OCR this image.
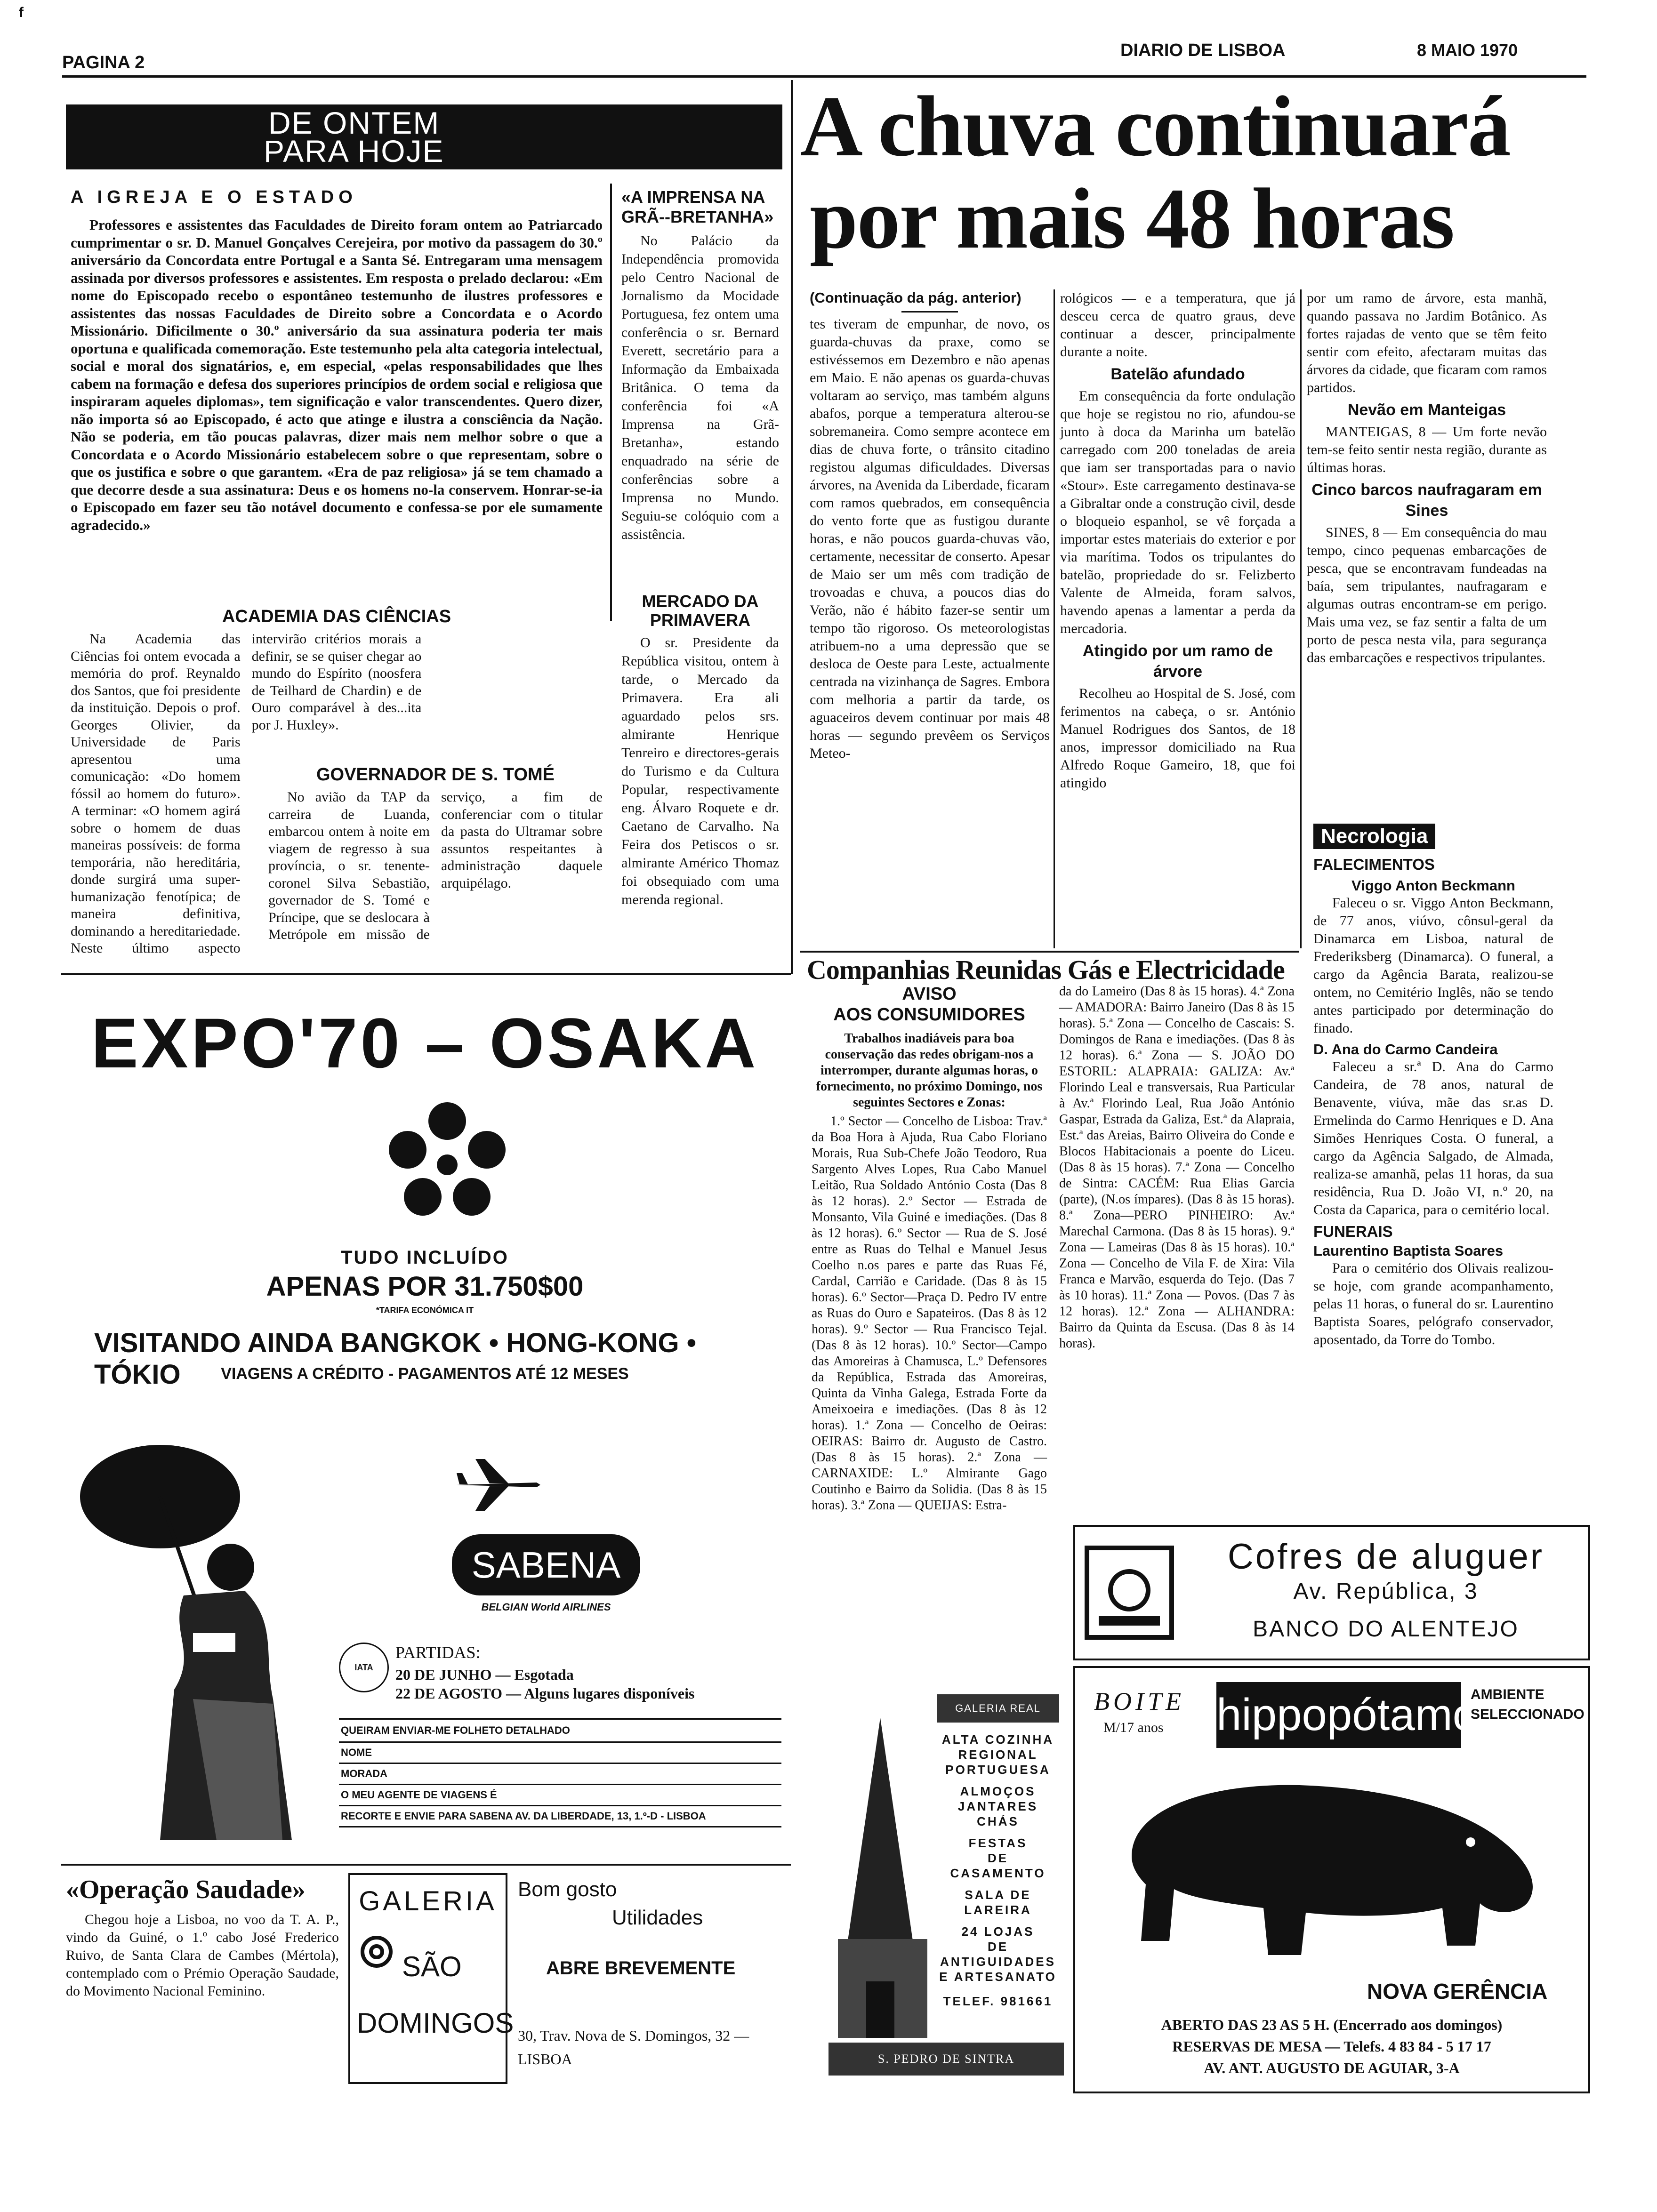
f
PAGINA 2
DIARIO DE LISBOA	8 MAIO 1970
DE ONTEM
PARA HOJE
A IGREJA E O ESTADO

Professores e assistentes das Faculdades de Direito foram ontem ao Patriarcado cumprimentar o sr. D. Manuel Gonçalves Cerejeira, por motivo da passagem do 30.º aniversário da Concordata entre Portugal e a Santa Sé. Entregaram uma mensagem assinada por diversos professores e assistentes. Em resposta o prelado declarou: «Em nome do Episcopado recebo o espontâneo testemunho de ilustres professores e assistentes das nossas Faculdades de Direito sobre a Concordata e o Acordo Missionário. Dificilmente o 30.º aniversário da sua assinatura poderia ter mais oportuna e qualificada comemoração. Este testemunho pela alta categoria intelectual, social e moral dos signatários, e, em especial, «pelas responsabilidades que lhes cabem na formação e defesa dos superiores princípios de ordem social e religiosa que inspiraram aqueles diplomas», tem significação e valor transcendentes. Quero dizer, não importa só ao Episcopado, é acto que atinge e ilustra a consciência da Nação. Não se poderia, em tão poucas palavras, dizer mais nem melhor sobre o que a Concordata e o Acordo Missionário estabelecem sobre o que representam, sobre o que os justifica e sobre o que garantem. «Era de paz religiosa» já se tem chamado a que decorre desde a sua assinatura: Deus e os homens no-la conservem. Honrar-se-ia o Episcopado em fazer seu tão notável documento e confessa-se por ele sumamente agradecido.»

«A IMPRENSA NA GRÃ--BRETANHA»

No Palácio da Independência promovida pelo Centro Nacional de Jornalismo da Mocidade Portuguesa, fez ontem uma conferência o sr. Bernard Everett, secretário para a Informação da Embaixada Britânica. O tema da conferência foi «A Imprensa na Grã-Bretanha», estando enquadrado na série de conferências sobre a Imprensa no Mundo. Seguiu-se colóquio com a assistência.

ACADEMIA DAS CIÊNCIAS

Na Academia das Ciências foi ontem evocada a memória do prof. Reynaldo dos Santos, que foi presidente da instituição. Depois o prof. Georges Olivier, da Universidade de Paris apresentou uma comunicação: «Do homem fóssil ao homem do futuro». A terminar: «O homem agirá sobre o homem de duas maneiras possíveis: de forma temporária, não hereditária, donde surgirá uma super-humanização fenotípica; de maneira definitiva, dominando a hereditariedade. Neste último aspecto intervirão critérios morais a definir, se se quiser chegar ao mundo do Espírito (noosfera de Teilhard de Chardin) e de Ouro comparável à des...ita por J. Huxley».

GOVERNADOR DE S. TOMÉ

No avião da TAP da carreira de Luanda, embarcou ontem à noite em viagem de regresso à sua província, o sr. tenente-coronel Silva Sebastião, governador de S. Tomé e Príncipe, que se deslocara à Metrópole em missão de serviço, a fim de conferenciar com o titular da pasta do Ultramar sobre assuntos respeitantes à administração daquele arquipélago.

MERCADO DA PRIMAVERA

O sr. Presidente da República visitou, ontem à tarde, o Mercado da Primavera. Era ali aguardado pelos srs. almirante Henrique Tenreiro e directores-gerais do Turismo e da Cultura Popular, respectivamente eng. Álvaro Roquete e dr. Caetano de Carvalho. Na Feira dos Petiscos o sr. almirante Américo Thomaz foi obsequiado com uma merenda regional.

A chuva continuará
por mais 48 horas
(Continuação da pág. anterior)

tes tiveram de empunhar, de novo, os guarda-chuvas da praxe, como se estivéssemos em Dezembro e não apenas em Maio. E não apenas os guarda-chuvas voltaram ao serviço, mas também alguns abafos, porque a temperatura alterou-se sobremaneira. Como sempre acontece em dias de chuva forte, o trânsito citadino registou algumas dificuldades. Diversas árvores, na Avenida da Liberdade, ficaram com ramos quebrados, em consequência do vento forte que as fustigou durante horas, e não poucos guarda-chuvas vão, certamente, necessitar de conserto. Apesar de Maio ser um mês com tradição de trovoadas e chuva, a poucos dias do Verão, não é hábito fazer-se sentir um tempo tão rigoroso. Os meteorologistas atribuem-no a uma depressão que se desloca de Oeste para Leste, actualmente centrada na vizinhança de Sagres. Embora com melhoria a partir da tarde, os aguaceiros devem continuar por mais 48 horas — segundo prevêem os Serviços Meteo-

rológicos — e a temperatura, que já desceu cerca de quatro graus, deve continuar a descer, principalmente durante a noite.

Batelão afundado

Em consequência da forte ondulação que hoje se registou no rio, afundou-se junto à doca da Marinha um batelão carregado com 200 toneladas de areia que iam ser transportadas para o navio «Stour». Este carregamento destinava-se a Gibraltar onde a construção civil, desde o bloqueio espanhol, se vê forçada a importar estes materiais do exterior e por via marítima. Todos os tripulantes do batelão, propriedade do sr. Felizberto Valente de Almeida, foram salvos, havendo apenas a lamentar a perda da mercadoria.

Atingido por um ramo de árvore

Recolheu ao Hospital de S. José, com ferimentos na cabeça, o sr. António Manuel Rodrigues dos Santos, de 18 anos, impressor domiciliado na Rua Alfredo Roque Gameiro, 18, que foi atingido

por um ramo de árvore, esta manhã, quando passava no Jardim Botânico. As fortes rajadas de vento que se têm feito sentir com efeito, afectaram muitas das árvores da cidade, que ficaram com ramos partidos.

Nevão em Manteigas

MANTEIGAS, 8 — Um forte nevão tem-se feito sentir nesta região, durante as últimas horas.

Cinco barcos naufragaram em Sines

SINES, 8 — Em consequência do mau tempo, cinco pequenas embarcações de pesca, que se encontravam fundeadas na baía, sem tripulantes, naufragaram e algumas outras encontram-se em perigo. Mais uma vez, se faz sentir a falta de um porto de pesca nesta vila, para segurança das embarcações e respectivos tripulantes.

Necrologia
FALECIMENTOS
Viggo Anton Beckmann

Faleceu o sr. Viggo Anton Beckmann, de 77 anos, viúvo, cônsul-geral da Dinamarca em Lisboa, natural de Frederiksberg (Dinamarca). O funeral, a cargo da Agência Barata, realizou-se ontem, no Cemitério Inglês, não se tendo antes participado por determinação do finado.

D. Ana do Carmo Candeira

Faleceu a sr.ª D. Ana do Carmo Candeira, de 78 anos, natural de Benavente, viúva, mãe das sr.as D. Ermelinda do Carmo Henriques e D. Ana Simões Henriques Costa. O funeral, a cargo da Agência Salgado, de Almada, realiza-se amanhã, pelas 11 horas, da sua residência, Rua D. João VI, n.º 20, na Costa da Caparica, para o cemitério local.

FUNERAIS
Laurentino Baptista Soares

Para o cemitério dos Olivais realizou-se hoje, com grande acompanhamento, pelas 11 horas, o funeral do sr. Laurentino Baptista Soares, pelógrafo conservador, aposentado, da Torre do Tombo.

EXPO'70 – OSAKA
TUDO INCLUÍDO
APENAS POR 31.750$00
*TARIFA ECONÓMICA IT
VISITANDO AINDA BANGKOK • HONG-KONG • TÓKIO	VIAGENS A CRÉDITO - PAGAMENTOS ATÉ 12 MESES
SABENA
BELGIAN World AIRLINES
IATA
PARTIDAS:
20 DE JUNHO — Esgotada
22 DE AGOSTO — Alguns lugares disponíveis
QUEIRAM ENVIAR-ME FOLHETO DETALHADO
NOME
MORADA
O MEU AGENTE DE VIAGENS É
RECORTE E ENVIE PARA SABENA AV. DA LIBERDADE, 13, 1.º-D - LISBOA
«Operação Saudade»

Chegou hoje a Lisboa, no voo da T. A. P., vindo da Guiné, o 1.º cabo José Frederico Ruivo, de Santa Clara de Cambes (Mértola), contemplado com o Prémio Operação Saudade, do Movimento Nacional Feminino.

GALERIA
SÃO
DOMINGOS
Bom gosto
Utilidades
ABRE BREVEMENTE
30, Trav. Nova de S. Domingos, 32 — LISBOA
Companhias Reunidas Gás e Electricidade
AVISO
AOS CONSUMIDORES

Trabalhos inadiáveis para boa conservação das redes obrigam-nos a interromper, durante algumas horas, o fornecimento, no próximo Domingo, nos seguintes Sectores e Zonas:

1.º Sector — Concelho de Lisboa: Trav.ª da Boa Hora à Ajuda, Rua Cabo Floriano Morais, Rua Sub-Chefe João Teodoro, Rua Sargento Alves Lopes, Rua Cabo Manuel Leitão, Rua Soldado António Costa (Das 8 às 12 horas). 2.º Sector — Estrada de Monsanto, Vila Guiné e imediações. (Das 8 às 12 horas). 6.º Sector — Rua de S. José entre as Ruas do Telhal e Manuel Jesus Coelho n.os pares e parte das Ruas Fé, Cardal, Carrião e Caridade. (Das 8 às 15 horas). 6.º Sector—Praça D. Pedro IV entre as Ruas do Ouro e Sapateiros. (Das 8 às 12 horas). 9.º Sector — Rua Francisco Tejal. (Das 8 às 12 horas). 10.º Sector—Campo das Amoreiras à Chamusca, L.º Defensores da República, Estrada das Amoreiras, Quinta da Vinha Galega, Estrada Forte da Ameixoeira e imediações. (Das 8 às 12 horas). 1.ª Zona — Concelho de Oeiras: OEIRAS: Bairro dr. Augusto de Castro. (Das 8 às 15 horas). 2.ª Zona — CARNAXIDE: L.º Almirante Gago Coutinho e Bairro da Solidia. (Das 8 às 15 horas). 3.ª Zona — QUEIJAS: Estra-

da do Lameiro (Das 8 às 15 horas). 4.ª Zona — AMADORA: Bairro Janeiro (Das 8 às 15 horas). 5.ª Zona — Concelho de Cascais: S. Domingos de Rana e imediações. (Das 8 às 12 horas). 6.ª Zona — S. JOÃO DO ESTORIL: ALAPRAIA: GALIZA: Av.ª Florindo Leal e transversais, Rua Particular à Av.ª Florindo Leal, Rua João António Gaspar, Estrada da Galiza, Est.ª da Alapraia, Est.ª das Areias, Bairro Oliveira do Conde e Blocos Habitacionais a poente do Liceu. (Das 8 às 15 horas). 7.ª Zona — Concelho de Sintra: CACÉM: Rua Elias Garcia (parte), (N.os ímpares). (Das 8 às 15 horas). 8.ª Zona—PERO PINHEIRO: Av.ª Marechal Carmona. (Das 8 às 15 horas). 9.ª Zona — Lameiras (Das 8 às 15 horas). 10.ª Zona — Concelho de Vila F. de Xira: Vila Franca e Marvão, esquerda do Tejo. (Das 7 às 10 horas). 11.ª Zona — Povos. (Das 7 às 12 horas). 12.ª Zona — ALHANDRA: Bairro da Quinta da Escusa. (Das 8 às 14 horas).

GALERIA REAL
ALTA COZINHA
REGIONAL
PORTUGUESA
ALMOÇOS
JANTARES
CHÁS
FESTAS
DE
CASAMENTO
SALA DE LAREIRA
24 LOJAS
DE
ANTIGUIDADES
E ARTESANATO
TELEF. 981661
S. PEDRO DE SINTRA
Cofres de aluguer
Av. República, 3
BANCO DO ALENTEJO
BOITE
M/17 anos hippopótamo
AMBIENTE SELECCIONADO
NOVA GERÊNCIA
ABERTO DAS 23 AS 5 H. (Encerrado aos domingos)
RESERVAS DE MESA — Telefs. 4 83 84 - 5 17 17
AV. ANT. AUGUSTO DE AGUIAR, 3-A
